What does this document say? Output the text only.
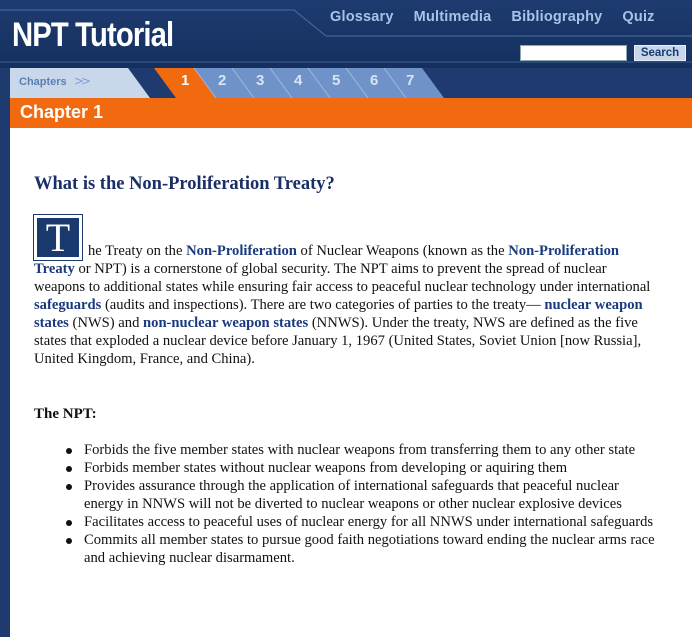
NPT Tutorial	Glossary Multimedia Bibliography Quiz
Search
Chapters >>	1 2 3 4 5 6 7
Chapter 1
What is the Non-Proliferation Treaty?
T	he Treaty on the Non-Proliferation of Nuclear Weapons (known as the Non-Proliferation Treaty or NPT) is a cornerstone of global security. The NPT aims to prevent the spread of nuclear weapons to additional states while ensuring fair access to peaceful nuclear technology under international safeguards (audits and inspections). There are two categories of parties to the treaty— nuclear weapon states (NWS) and non-nuclear weapon states (NNWS). Under the treaty, NWS are defined as the five states that exploded a nuclear device before January 1, 1967 (United States, Soviet Union [now Russia], United Kingdom, France, and China).

The NPT:
Forbids the five member states with nuclear weapons from transferring them to any other state
Forbids member states without nuclear weapons from developing or aquiring them
Provides assurance through the application of international safeguards that peaceful nuclear energy in NNWS will not be diverted to nuclear weapons or other nuclear explosive devices
Facilitates access to peaceful uses of nuclear energy for all NNWS under international safeguards
Commits all member states to pursue good faith negotiations toward ending the nuclear arms race and achieving nuclear disarmament.
